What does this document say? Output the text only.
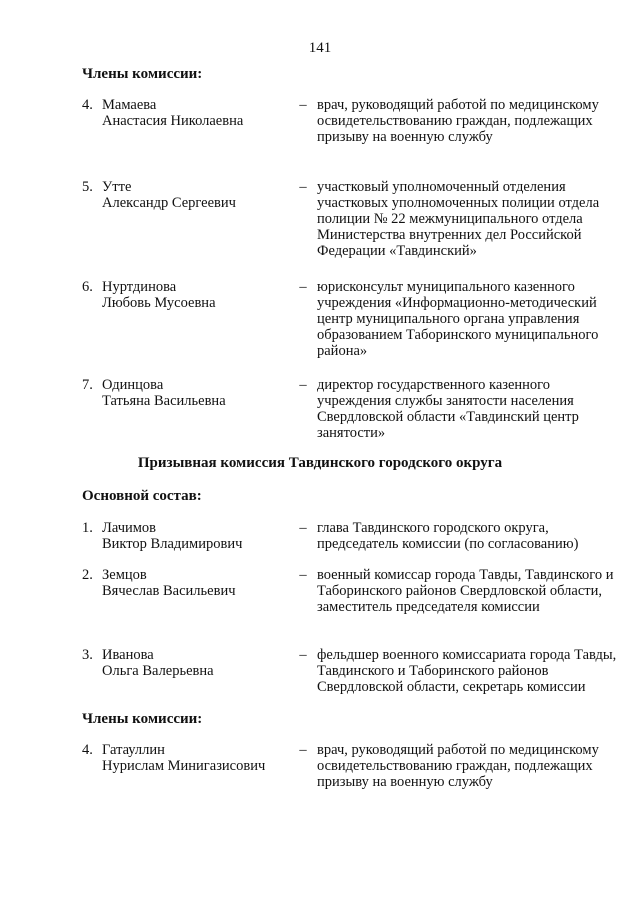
141
Члены комиссии:
4. Мамаева
Анастасия Николаевна
– врач, руководящий работой по медицинскому освидетельствованию граждан, подлежащих призыву на военную службу
5. Утте
Александр Сергеевич
– участковый уполномоченный отделения участковых уполномоченных полиции отдела полиции № 22 межмуниципального отдела Министерства внутренних дел Российской Федерации «Тавдинский»
6. Нуртдинова
Любовь Мусоевна
– юрисконсульт муниципального казенного учреждения «Информационно-методический центр муниципального органа управления образованием Таборинского муниципального района»
7. Одинцова
Татьяна Васильевна
– директор государственного казенного учреждения службы занятости населения Свердловской области «Тавдинский центр занятости»
Призывная комиссия Тавдинского городского округа
Основной состав:
1. Лачимов
Виктор Владимирович
– глава Тавдинского городского округа, председатель комиссии (по согласованию)
2. Земцов
Вячеслав Васильевич
– военный комиссар города Тавды, Тавдинского и Таборинского районов Свердловской области, заместитель председателя комиссии
3. Иванова
Ольга Валерьевна
– фельдшер военного комиссариата города Тавды, Тавдинского и Таборинского районов Свердловской области, секретарь комиссии
Члены комиссии:
4. Гатауллин
Нурислам Минигазисович
– врач, руководящий работой по медицинскому освидетельствованию граждан, подлежащих призыву на военную службу
